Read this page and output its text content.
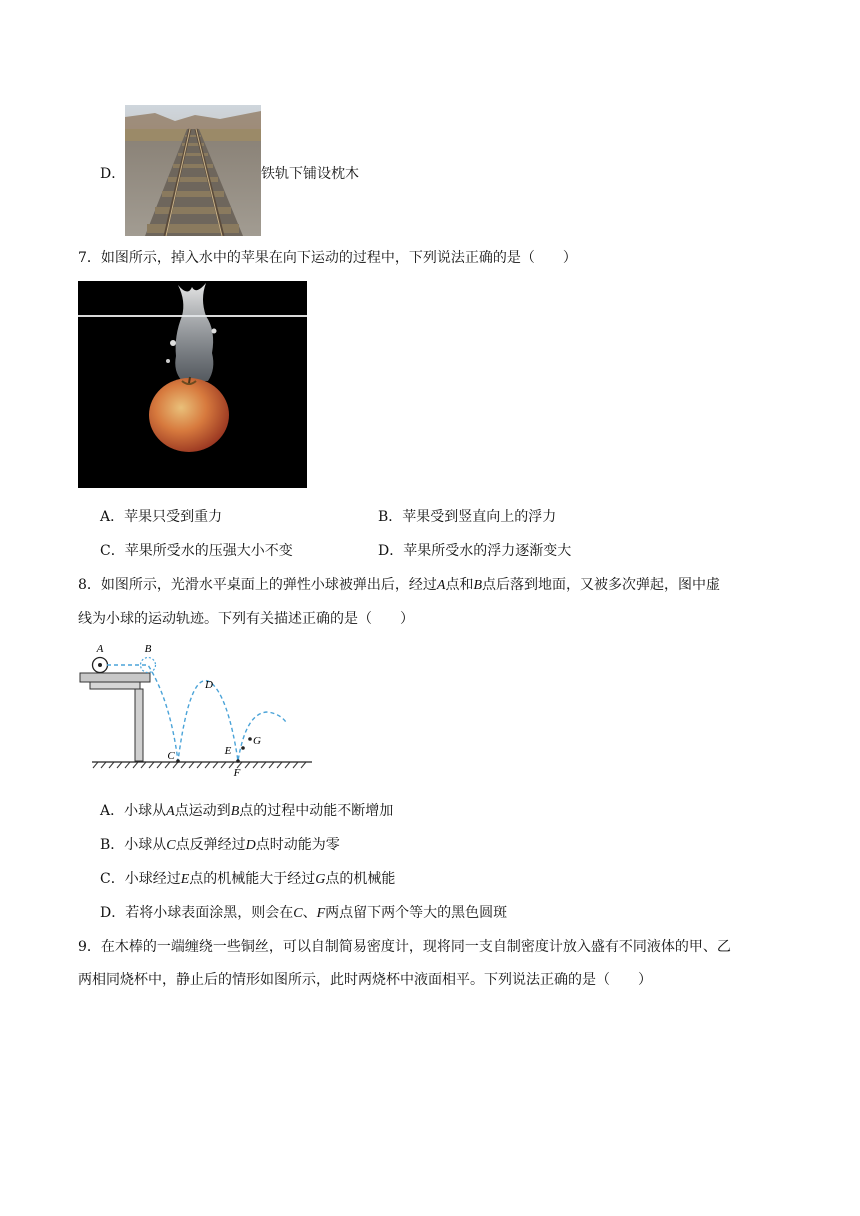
D．	铁轨下铺设枕木
7．如图所示，掉入水中的苹果在向下运动的过程中，下列说法正确的是（　　）
A．苹果只受到重力	B．苹果受到竖直向上的浮力
C．苹果所受水的压强大小不变	D．苹果所受水的浮力逐渐变大
8．如图所示，光滑水平桌面上的弹性小球被弹出后，经过A点和B点后落到地面，又被多次弹起，图中虚
线为小球的运动轨迹。下列有关描述正确的是（　　）
A	B
C
D
E
F
G
A．小球从A点运动到B点的过程中动能不断增加
B．小球从C点反弹经过D点时动能为零
C．小球经过E点的机械能大于经过G点的机械能
D．若将小球表面涂黑，则会在C、F两点留下两个等大的黑色圆斑
9．在木棒的一端缠绕一些铜丝，可以自制简易密度计，现将同一支自制密度计放入盛有不同液体的甲、乙
两相同烧杯中，静止后的情形如图所示，此时两烧杯中液面相平。下列说法正确的是（　　）
